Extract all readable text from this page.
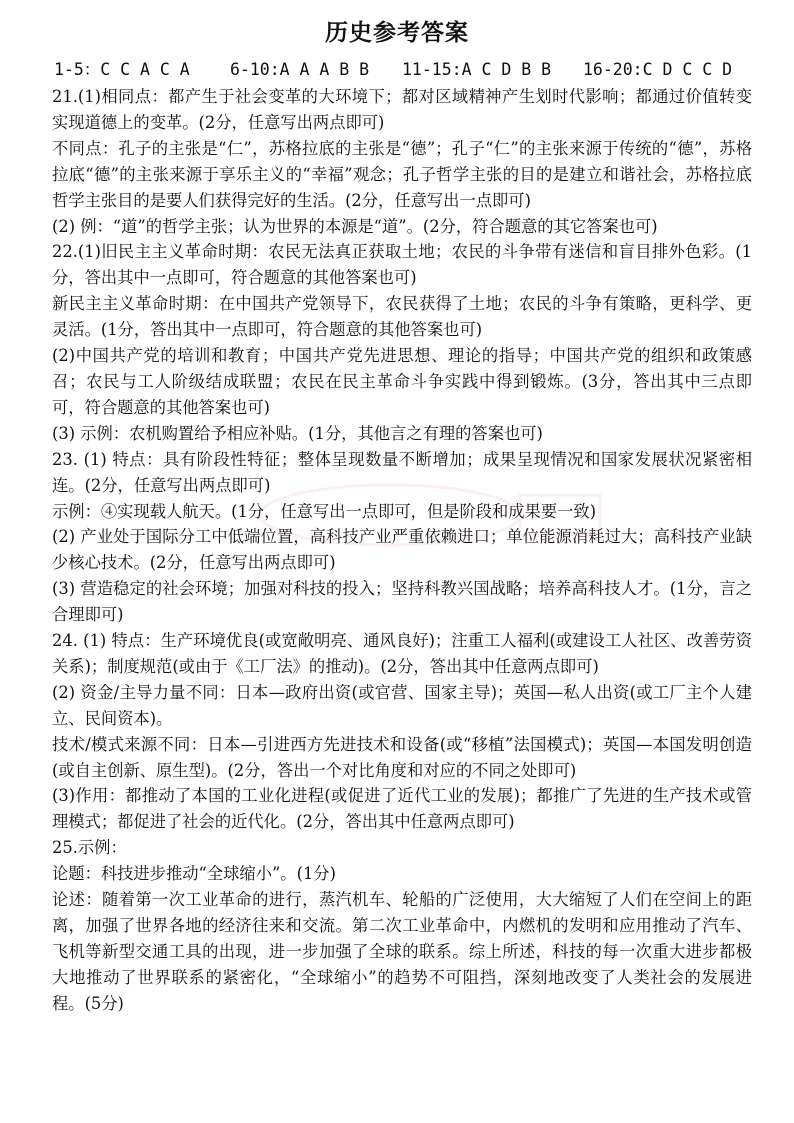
历史参考答案

1-5：C C A C A

6-10:A A A B B

11-15:A C D B B

16-20:C D C C D

21.(1)相同点：都产生于社会变革的大环境下；都对区域精神产生划时代影响；都通过价值转变实现道德上的变革。(2分，任意写出两点即可)

不同点：孔子的主张是“仁”，苏格拉底的主张是“德”；孔子“仁”的主张来源于传统的“德”，苏格拉底“德”的主张来源于享乐主义的“幸福”观念；孔子哲学主张的目的是建立和谐社会，苏格拉底哲学主张目的是要人们获得完好的生活。(2分，任意写出一点即可)

(2) 例：“道”的哲学主张；认为世界的本源是“道”。(2分，符合题意的其它答案也可)

22.(1)旧民主主义革命时期：农民无法真正获取土地；农民的斗争带有迷信和盲目排外色彩。(1分，答出其中一点即可，符合题意的其他答案也可)

新民主主义革命时期：在中国共产党领导下，农民获得了土地；农民的斗争有策略，更科学、更灵活。(1分，答出其中一点即可，符合题意的其他答案也可)

(2)中国共产党的培训和教育；中国共产党先进思想、理论的指导；中国共产党的组织和政策感召；农民与工人阶级结成联盟；农民在民主革命斗争实践中得到锻炼。(3分，答出其中三点即可，符合题意的其他答案也可)

(3) 示例：农机购置给予相应补贴。(1分，其他言之有理的答案也可)

23. (1) 特点：具有阶段性特征；整体呈现数量不断增加；成果呈现情况和国家发展状况紧密相连。(2分，任意写出两点即可)

示例：④实现载人航天。(1分，任意写出一点即可，但是阶段和成果要一致)

(2) 产业处于国际分工中低端位置，高科技产业严重依赖进口；单位能源消耗过大；高科技产业缺少核心技术。(2分，任意写出两点即可)

(3) 营造稳定的社会环境；加强对科技的投入；坚持科教兴国战略；培养高科技人才。(1分，言之合理即可)

24. (1) 特点：生产环境优良(或宽敞明亮、通风良好)；注重工人福利(或建设工人社区、改善劳资关系)；制度规范(或由于《工厂法》的推动)。(2分，答出其中任意两点即可)

(2) 资金/主导力量不同：日本—政府出资(或官营、国家主导)；英国—私人出资(或工厂主个人建立、民间资本)。

技术/模式来源不同：日本—引进西方先进技术和设备(或“移植”法国模式)；英国—本国发明创造(或自主创新、原生型)。(2分，答出一个对比角度和对应的不同之处即可)

(3)作用：都推动了本国的工业化进程(或促进了近代工业的发展)；都推广了先进的生产技术或管理模式；都促进了社会的近代化。(2分，答出其中任意两点即可)

25.示例：

论题：科技进步推动“全球缩小”。(1分)

论述：随着第一次工业革命的进行，蒸汽机车、轮船的广泛使用，大大缩短了人们在空间上的距离，加强了世界各地的经济往来和交流。第二次工业革命中，内燃机的发明和应用推动了汽车、飞机等新型交通工具的出现，进一步加强了全球的联系。综上所述，科技的每一次重大进步都极大地推动了世界联系的紧密化，“全球缩小”的趋势不可阻挡，深刻地改变了人类社会的发展进程。(5分)
